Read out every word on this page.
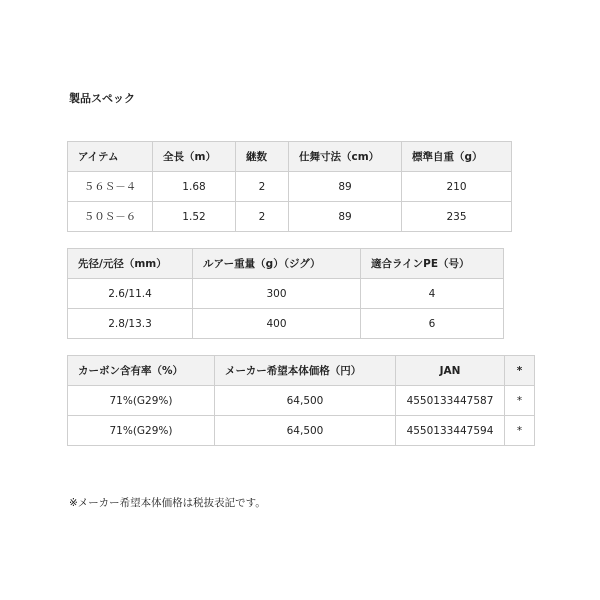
製品スペック
アイテム	全長（m）	継数	仕舞寸法（cm）	標準自重（g）
５６Ｓ－４	1.68	2	89	210
５０Ｓ－６	1.52	2	89	235
先径/元径（mm）	ルアー重量（g）（ジグ）	適合ラインPE（号）
2.6/11.4	300	4
2.8/13.3	400	6
カーボン含有率（%）	メーカー希望本体価格（円）	JAN	*
71%(G29%)	64,500	4550133447587	*
71%(G29%)	64,500	4550133447594	*
※メーカー希望本体価格は税抜表記です。
